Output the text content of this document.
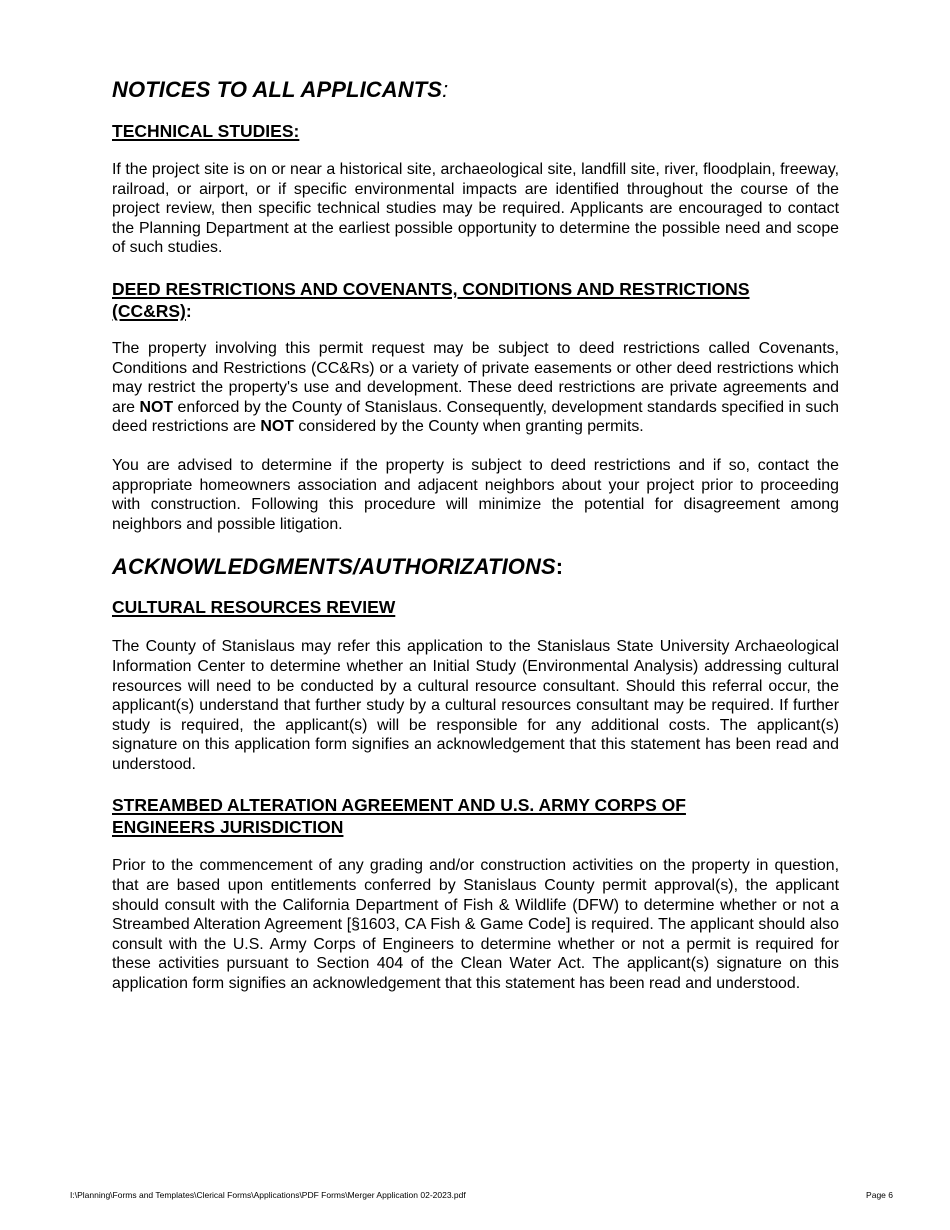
NOTICES TO ALL APPLICANTS:
TECHNICAL STUDIES:

If the project site is on or near a historical site, archaeological site, landfill site, river, floodplain, freeway, railroad, or airport, or if specific environmental impacts are identified throughout the course of the project review, then specific technical studies may be required. Applicants are encouraged to contact the Planning Department at the earliest possible opportunity to determine the possible need and scope of such studies.

DEED RESTRICTIONS AND COVENANTS, CONDITIONS AND RESTRICTIONS
(CC&RS):

The property involving this permit request may be subject to deed restrictions called Covenants, Conditions and Restrictions (CC&Rs) or a variety of private easements or other deed restrictions which may restrict the property's use and development. These deed restrictions are private agreements and are NOT enforced by the County of Stanislaus. Consequently, development standards specified in such deed restrictions are NOT considered by the County when granting permits.

You are advised to determine if the property is subject to deed restrictions and if so, contact the appropriate homeowners association and adjacent neighbors about your project prior to proceeding with construction. Following this procedure will minimize the potential for disagreement among neighbors and possible litigation.

ACKNOWLEDGMENTS/AUTHORIZATIONS:
CULTURAL RESOURCES REVIEW

The County of Stanislaus may refer this application to the Stanislaus State University Archaeological Information Center to determine whether an Initial Study (Environmental Analysis) addressing cultural resources will need to be conducted by a cultural resource consultant. Should this referral occur, the applicant(s) understand that further study by a cultural resources consultant may be required. If further study is required, the applicant(s) will be responsible for any additional costs. The applicant(s) signature on this application form signifies an acknowledgement that this statement has been read and understood.

STREAMBED ALTERATION AGREEMENT AND U.S. ARMY CORPS OF
ENGINEERS JURISDICTION

Prior to the commencement of any grading and/or construction activities on the property in question, that are based upon entitlements conferred by Stanislaus County permit approval(s), the applicant should consult with the California Department of Fish & Wildlife (DFW) to determine whether or not a Streambed Alteration Agreement [§1603, CA Fish & Game Code] is required. The applicant should also consult with the U.S. Army Corps of Engineers to determine whether or not a permit is required for these activities pursuant to Section 404 of the Clean Water Act. The applicant(s) signature on this application form signifies an acknowledgement that this statement has been read and understood.

I:\Planning\Forms and Templates\Clerical Forms\Applications\PDF Forms\Merger Application 02-2023.pdf	Page 6
